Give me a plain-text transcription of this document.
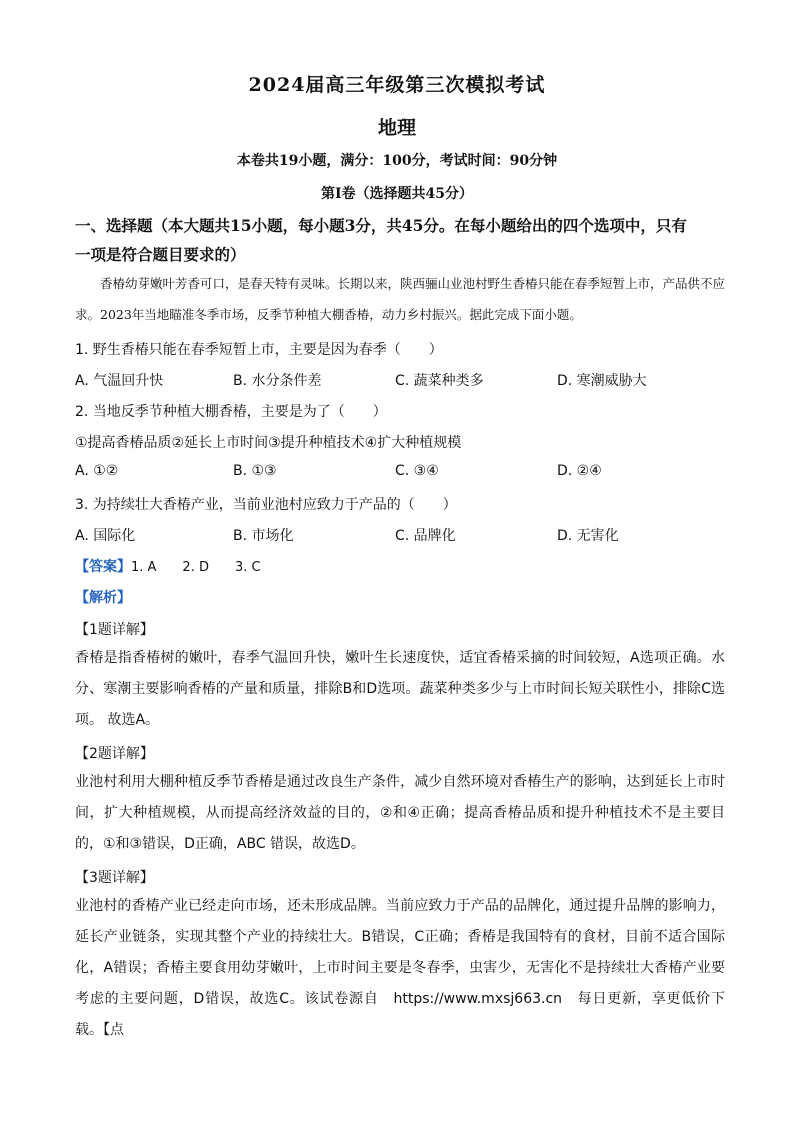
2024届高三年级第三次模拟考试
地理
本卷共19小题，满分：100分，考试时间：90分钟
第I卷（选择题共45分）
一、选择题（本大题共15小题，每小题3分，共45分。在每小题给出的四个选项中，只有
一项是符合题目要求的）
香椿幼芽嫩叶芳香可口，是春天特有灵味。长期以来，陕西骊山业池村野生香椿只能在春季短暂上市，产品供不应求。2023年当地瞄准冬季市场，反季节种植大棚香椿，动力乡村振兴。据此完成下面小题。
1. 野生香椿只能在春季短暂上市，主要是因为春季（　　）
A. 气温回升快	B. 水分条件差	C. 蔬菜种类多	D. 寒潮威胁大
2. 当地反季节种植大棚香椿，主要是为了（　　）
①提高香椿品质②延长上市时间③提升种植技术④扩大种植规模
A. ①②	B. ①③	C. ③④	D. ②④
3. 为持续壮大香椿产业，当前业池村应致力于产品的（　　）
A. 国际化	B. 市场化	C. 品牌化	D. 无害化
【答案】1. A　　2. D　　3. C
【解析】
【1题详解】
香椿是指香椿树的嫩叶，春季气温回升快，嫩叶生长速度快，适宜香椿采摘的时间较短，A选项正确。水分、寒潮主要影响香椿的产量和质量，排除B和D选项。蔬菜种类多少与上市时间长短关联性小，排除C选项。 故选A。
【2题详解】
业池村利用大棚种植反季节香椿是通过改良生产条件，减少自然环境对香椿生产的影响，达到延长上市时间，扩大种植规模，从而提高经济效益的目的，②和④正确；提高香椿品质和提升种植技术不是主要目的，①和③错误，D正确，ABC 错误，故选D。
【3题详解】
业池村的香椿产业已经走向市场，还未形成品牌。当前应致力于产品的品牌化，通过提升品牌的影响力，延长产业链条，实现其整个产业的持续壮大。B错误，C正确；香椿是我国特有的食材，目前不适合国际化，A错误；香椿主要食用幼芽嫩叶，上市时间主要是冬春季，虫害少，无害化不是持续壮大香椿产业要考虑的主要问题，D错误，故选C。该试卷源自　https://www.mxsj663.cn　每日更新，享更低价下载。【点
